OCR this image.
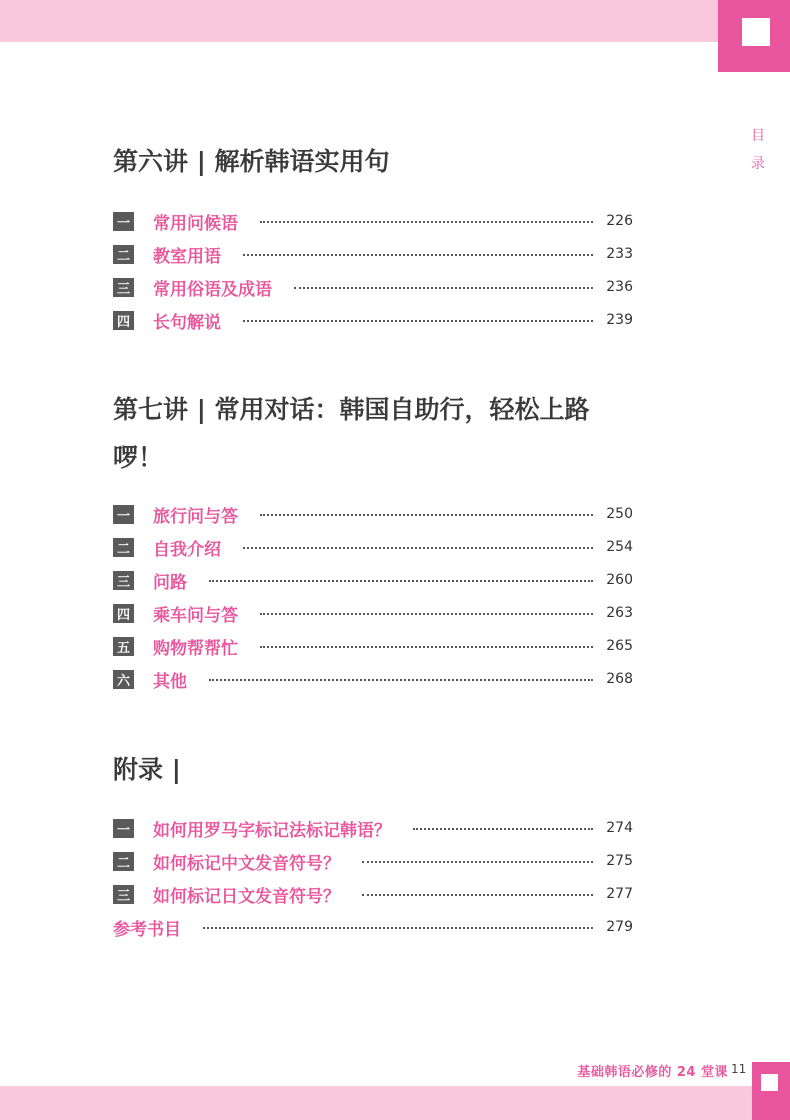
目
录
第六讲 | 解析韩语实用句
一 常用问候语	226
二 教室用语	233
三 常用俗语及成语	236
四 长句解说	239
第七讲 | 常用对话：韩国自助行，轻松上路
啰！
一 旅行问与答	250
二 自我介绍	254
三 问路	260
四 乘车问与答	263
五 购物帮帮忙	265
六 其他	268
附录 |
一 如何用罗马字标记法标记韩语？	274
二 如何标记中文发音符号？	275
三 如何标记日文发音符号？	277
参考书目	279
基础韩语必修的 24 堂课 11
